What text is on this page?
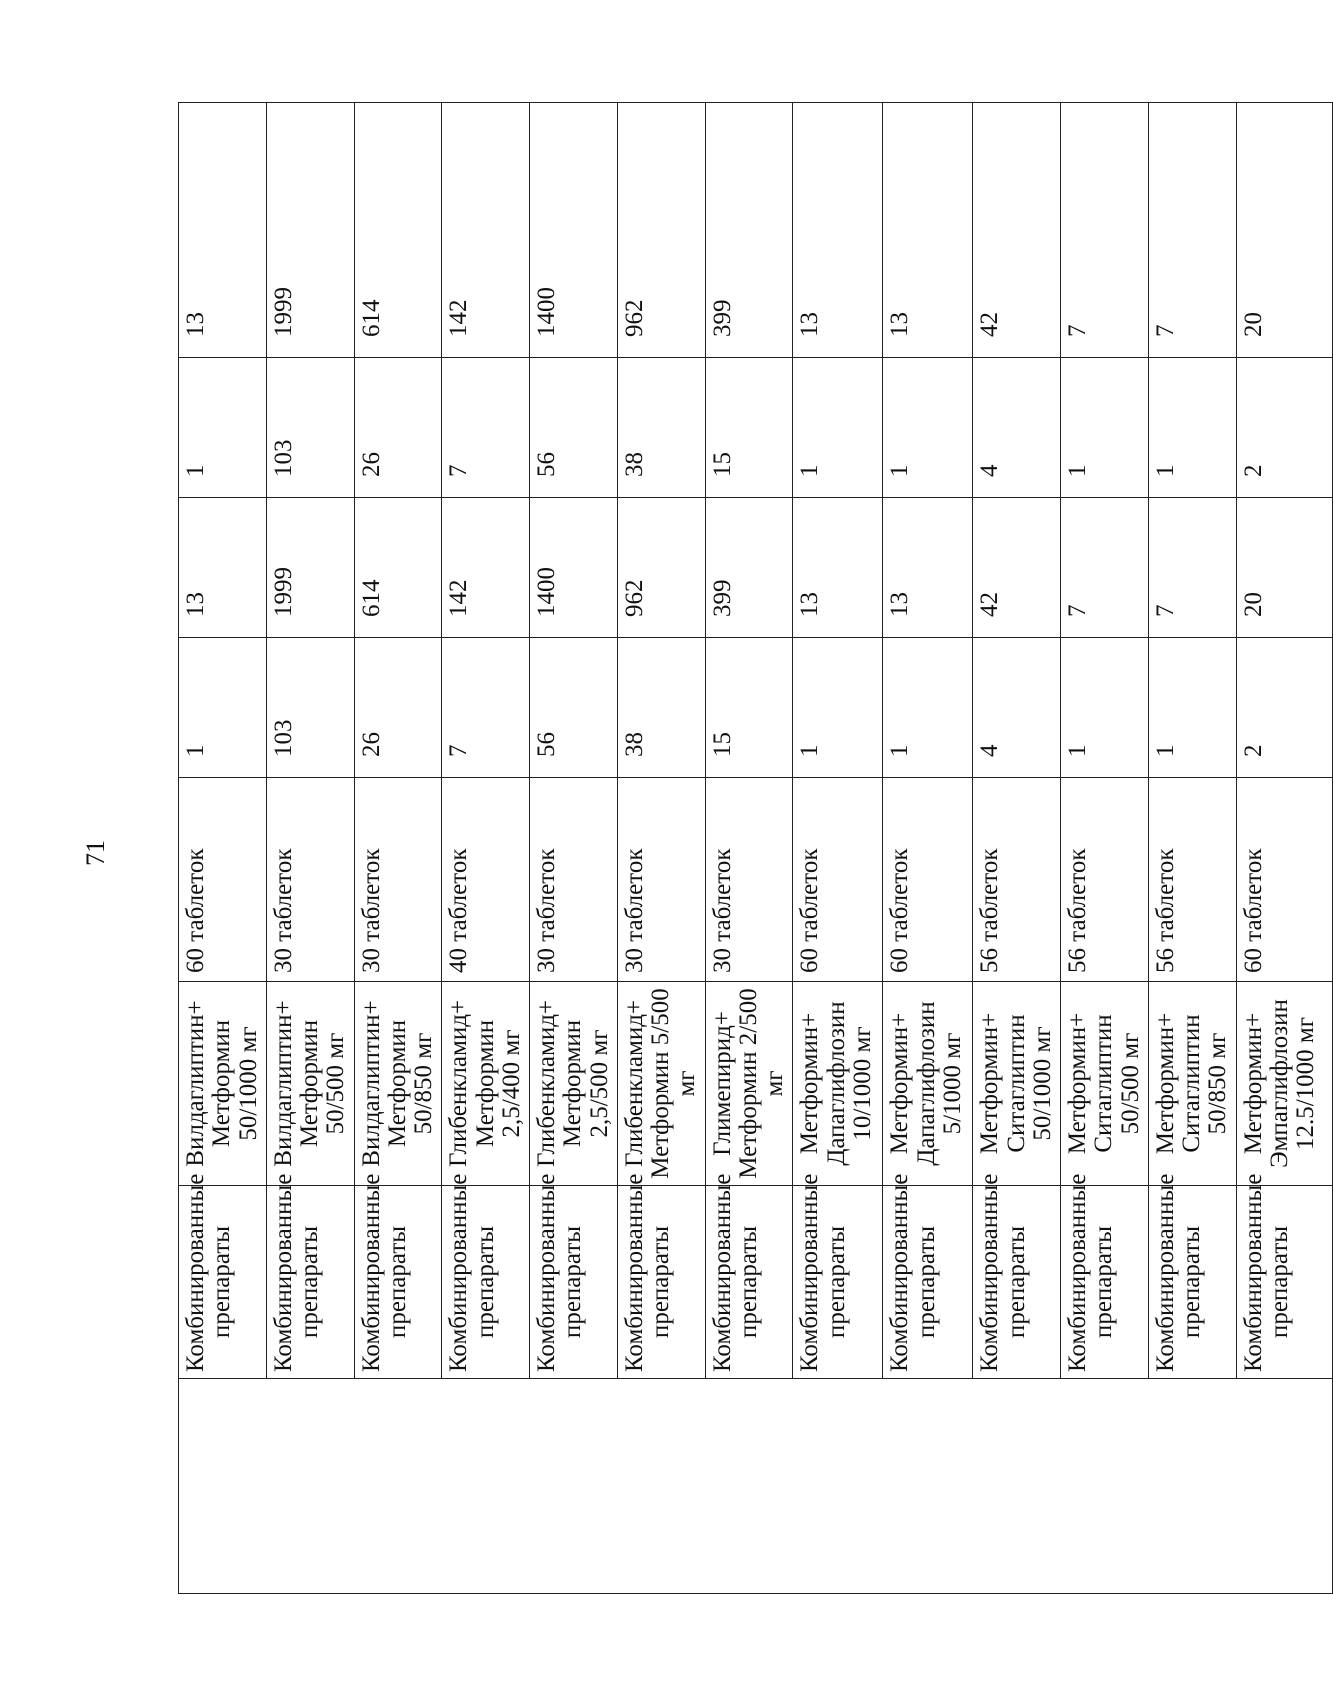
71
	Комбинированные препараты	Вилдаглиптин+ Метформин 50/1000 мг	60 таблеток	1	13	1	13
	Комбинированные препараты	Вилдаглиптин+ Метформин 50/500 мг	30 таблеток	103	1999	103	1999
	Комбинированные препараты	Вилдаглиптин+ Метформин 50/850 мг	30 таблеток	26	614	26	614
	Комбинированные препараты	Глибенкламид+ Метформин 2,5/400 мг	40 таблеток	7	142	7	142
	Комбинированные препараты	Глибенкламид+ Метформин 2,5/500 мг	30 таблеток	56	1400	56	1400
	Комбинированные препараты	Глибенкламид+ Метформин 5/500 мг	30 таблеток	38	962	38	962
	Комбинированные препараты	Глимепирид+ Метформин 2/500 мг	30 таблеток	15	399	15	399
	Комбинированные препараты	Метформин+ Дапаглифлозин 10/1000 мг	60 таблеток	1	13	1	13
	Комбинированные препараты	Метформин+ Дапаглифлозин 5/1000 мг	60 таблеток	1	13	1	13
	Комбинированные препараты	Метформин+ Ситаглиптин 50/1000 мг	56 таблеток	4	42	4	42
	Комбинированные препараты	Метформин+ Ситаглиптин 50/500 мг	56 таблеток	1	7	1	7
	Комбинированные препараты	Метформин+ Ситаглиптин 50/850 мг	56 таблеток	1	7	1	7
	Комбинированные препараты	Метформин+ Эмпаглифлозин 12.5/1000 мг	60 таблеток	2	20	2	20
